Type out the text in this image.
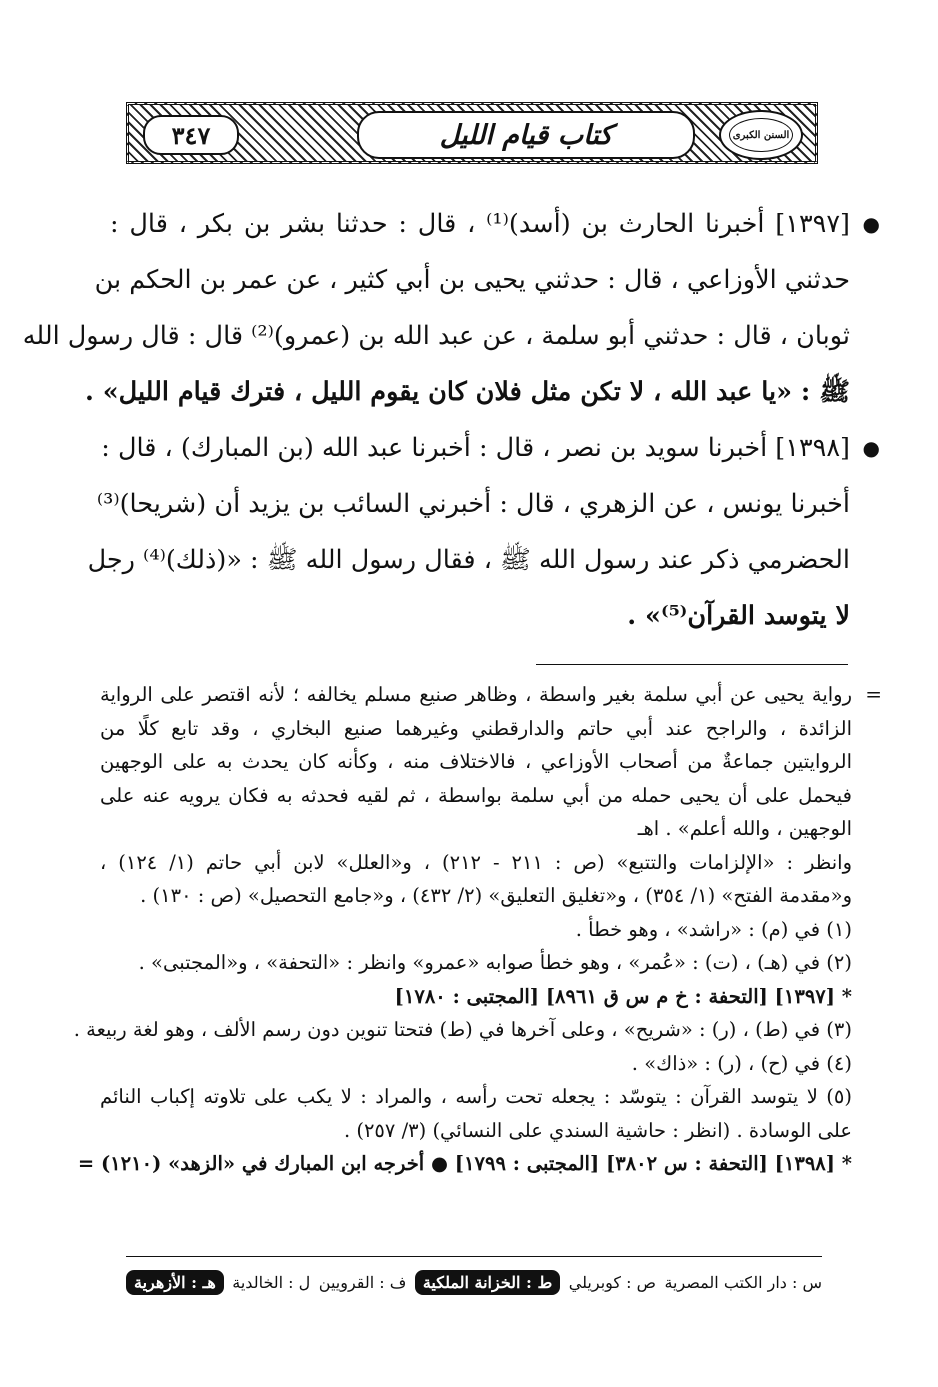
٣٤٧	كتاب قيام الليل	السنن الكبرى
●
[١٣٩٧] أخبرنا الحارث بن (أسد)⁽¹⁾ ، قال : حدثنا بشر بن بكر ، قال :
حدثني الأوزاعي ، قال : حدثني يحيى بن أبي كثير ، عن عمر بن الحكم بن
ثوبان ، قال : حدثني أبو سلمة ، عن عبد الله بن (عمرو)⁽²⁾ قال : قال رسول الله
ﷺ : «يا عبد الله ، لا تكن مثل فلان كان يقوم الليل ، فترك قيام الليل» .
●
[١٣٩٨] أخبرنا سويد بن نصر ، قال : أخبرنا عبد الله (بن المبارك) ، قال :
أخبرنا يونس ، عن الزهري ، قال : أخبرني السائب بن يزيد أن (شريحا)⁽³⁾
الحضرمي ذكر عند رسول الله ﷺ ، فقال رسول الله ﷺ : «(ذلك)⁽⁴⁾ رجل
لا يتوسد القرآن⁽⁵⁾» .
=
رواية يحيى عن أبي سلمة بغير واسطة ، وظاهر صنيع مسلم يخالفه ؛ لأنه اقتصر على الرواية
الزائدة ، والراجح عند أبي حاتم والدارقطني وغيرهما صنيع البخاري ، وقد تابع كلًا من
الروايتين جماعةٌ من أصحاب الأوزاعي ، فالاختلاف منه ، وكأنه كان يحدث به على الوجهين
فيحمل على أن يحيى حمله من أبي سلمة بواسطة ، ثم لقيه فحدثه به فكان يرويه عنه على
الوجهين ، والله أعلم» . اهـ
وانظر : «الإلزامات والتتبع» (ص : ٢١١ - ٢١٢) ، و«العلل» لابن أبي حاتم (١/ ١٢٤) ،
و«مقدمة الفتح» (١/ ٣٥٤) ، و«تغليق التعليق» (٢/ ٤٣٢) ، و«جامع التحصيل» (ص : ١٣٠) .
(١) في (م) : «راشد» ، وهو خطأ .
(٢) في (هـ) ، (ت) : «عُمر» ، وهو خطأ صوابه «عمرو» وانظر : «التحفة» ، و«المجتبى» .
* [١٣٩٧] [التحفة : خ م س ق ٨٩٦١] [المجتبى : ١٧٨٠]
(٣) في (ط) ، (ر) : «شريح» ، وعلى آخرها في (ط) فتحتا تنوين دون رسم الألف ، وهو لغة ربيعة .
(٤) في (ح) ، (ر) : «ذاك» .
(٥) لا يتوسد القرآن : يتوسّد : يجعله تحت رأسه ، والمراد : لا يكب على تلاوته إكباب النائم
على الوسادة . (انظر : حاشية السندي على النسائي) (٣/ ٢٥٧) .
* [١٣٩٨] [التحفة : س ٣٨٠٢] [المجتبى : ١٧٩٩] ● أخرجه ابن المبارك في «الزهد» (١٢١٠) =
س : دار الكتب المصرية
ص : كوبريلي
ط : الخزانة الملكية
ف : القرويين
ل : الخالدية
هـ : الأزهرية
